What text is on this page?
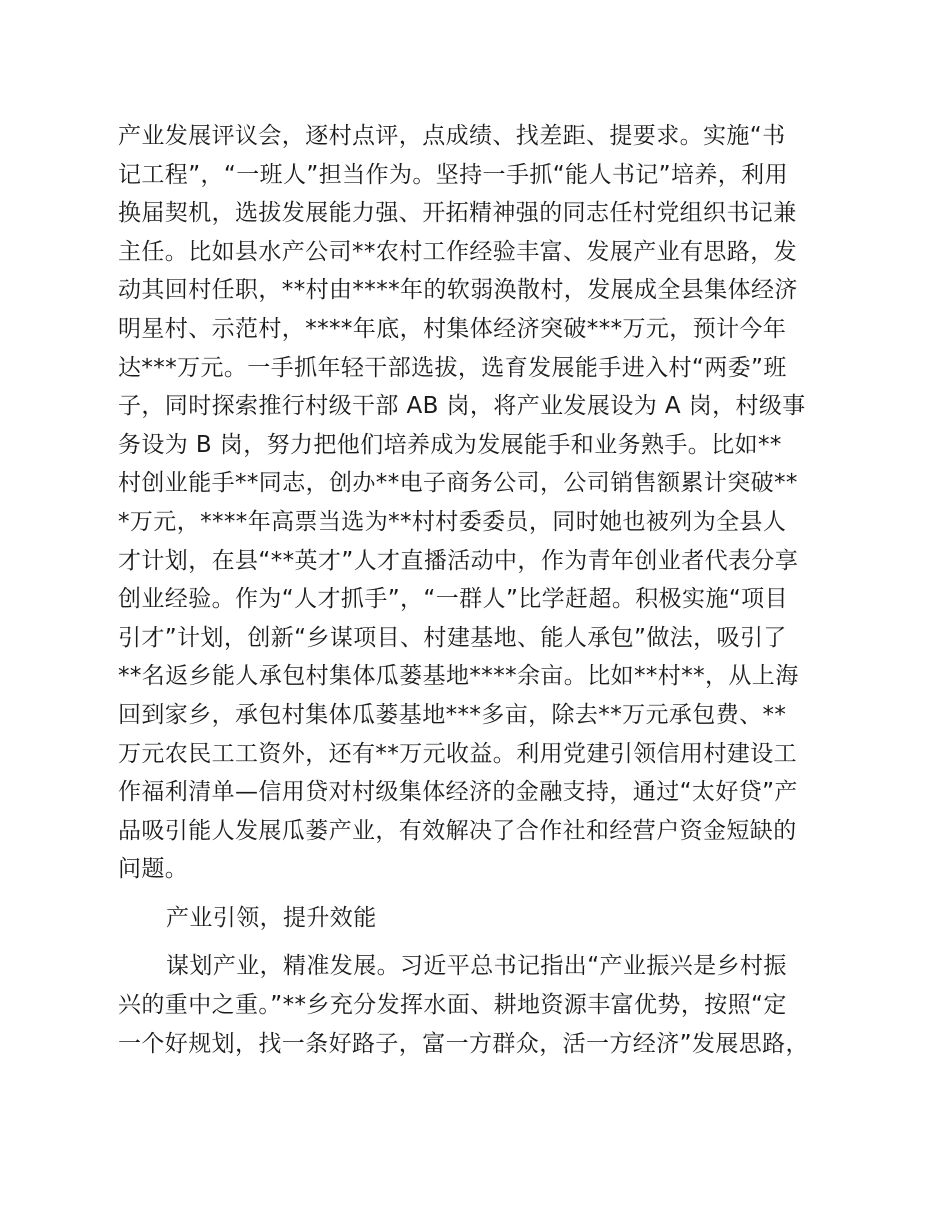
产业发展评议会，逐村点评，点成绩、找差距、提要求。实施“书
记工程”，“一班人”担当作为。坚持一手抓“能人书记”培养，利用
换届契机，选拔发展能力强、开拓精神强的同志任村党组织书记兼
主任。比如县水产公司**农村工作经验丰富、发展产业有思路，发
动其回村任职，**村由****年的软弱涣散村，发展成全县集体经济
明星村、示范村，****年底，村集体经济突破***万元，预计今年
达***万元。一手抓年轻干部选拔，选育发展能手进入村“两委”班
子，同时探索推行村级干部 AB 岗，将产业发展设为 A 岗，村级事
务设为 B 岗，努力把他们培养成为发展能手和业务熟手。比如**
村创业能手**同志，创办**电子商务公司，公司销售额累计突破**
*万元，****年高票当选为**村村委委员，同时她也被列为全县人
才计划，在县“**英才”人才直播活动中，作为青年创业者代表分享
创业经验。作为“人才抓手”，“一群人”比学赶超。积极实施“项目
引才”计划，创新“乡谋项目、村建基地、能人承包”做法，吸引了
**名返乡能人承包村集体瓜蒌基地****余亩。比如**村**，从上海
回到家乡，承包村集体瓜蒌基地***多亩，除去**万元承包费、**
万元农民工工资外，还有**万元收益。利用党建引领信用村建设工
作福利清单—信用贷对村级集体经济的金融支持，通过“太好贷”产
品吸引能人发展瓜蒌产业，有效解决了合作社和经营户资金短缺的
问题。
产业引领，提升效能
谋划产业，精准发展。习近平总书记指出“产业振兴是乡村振
兴的重中之重。”**乡充分发挥水面、耕地资源丰富优势，按照“定
一个好规划，找一条好路子，富一方群众，活一方经济”发展思路，
